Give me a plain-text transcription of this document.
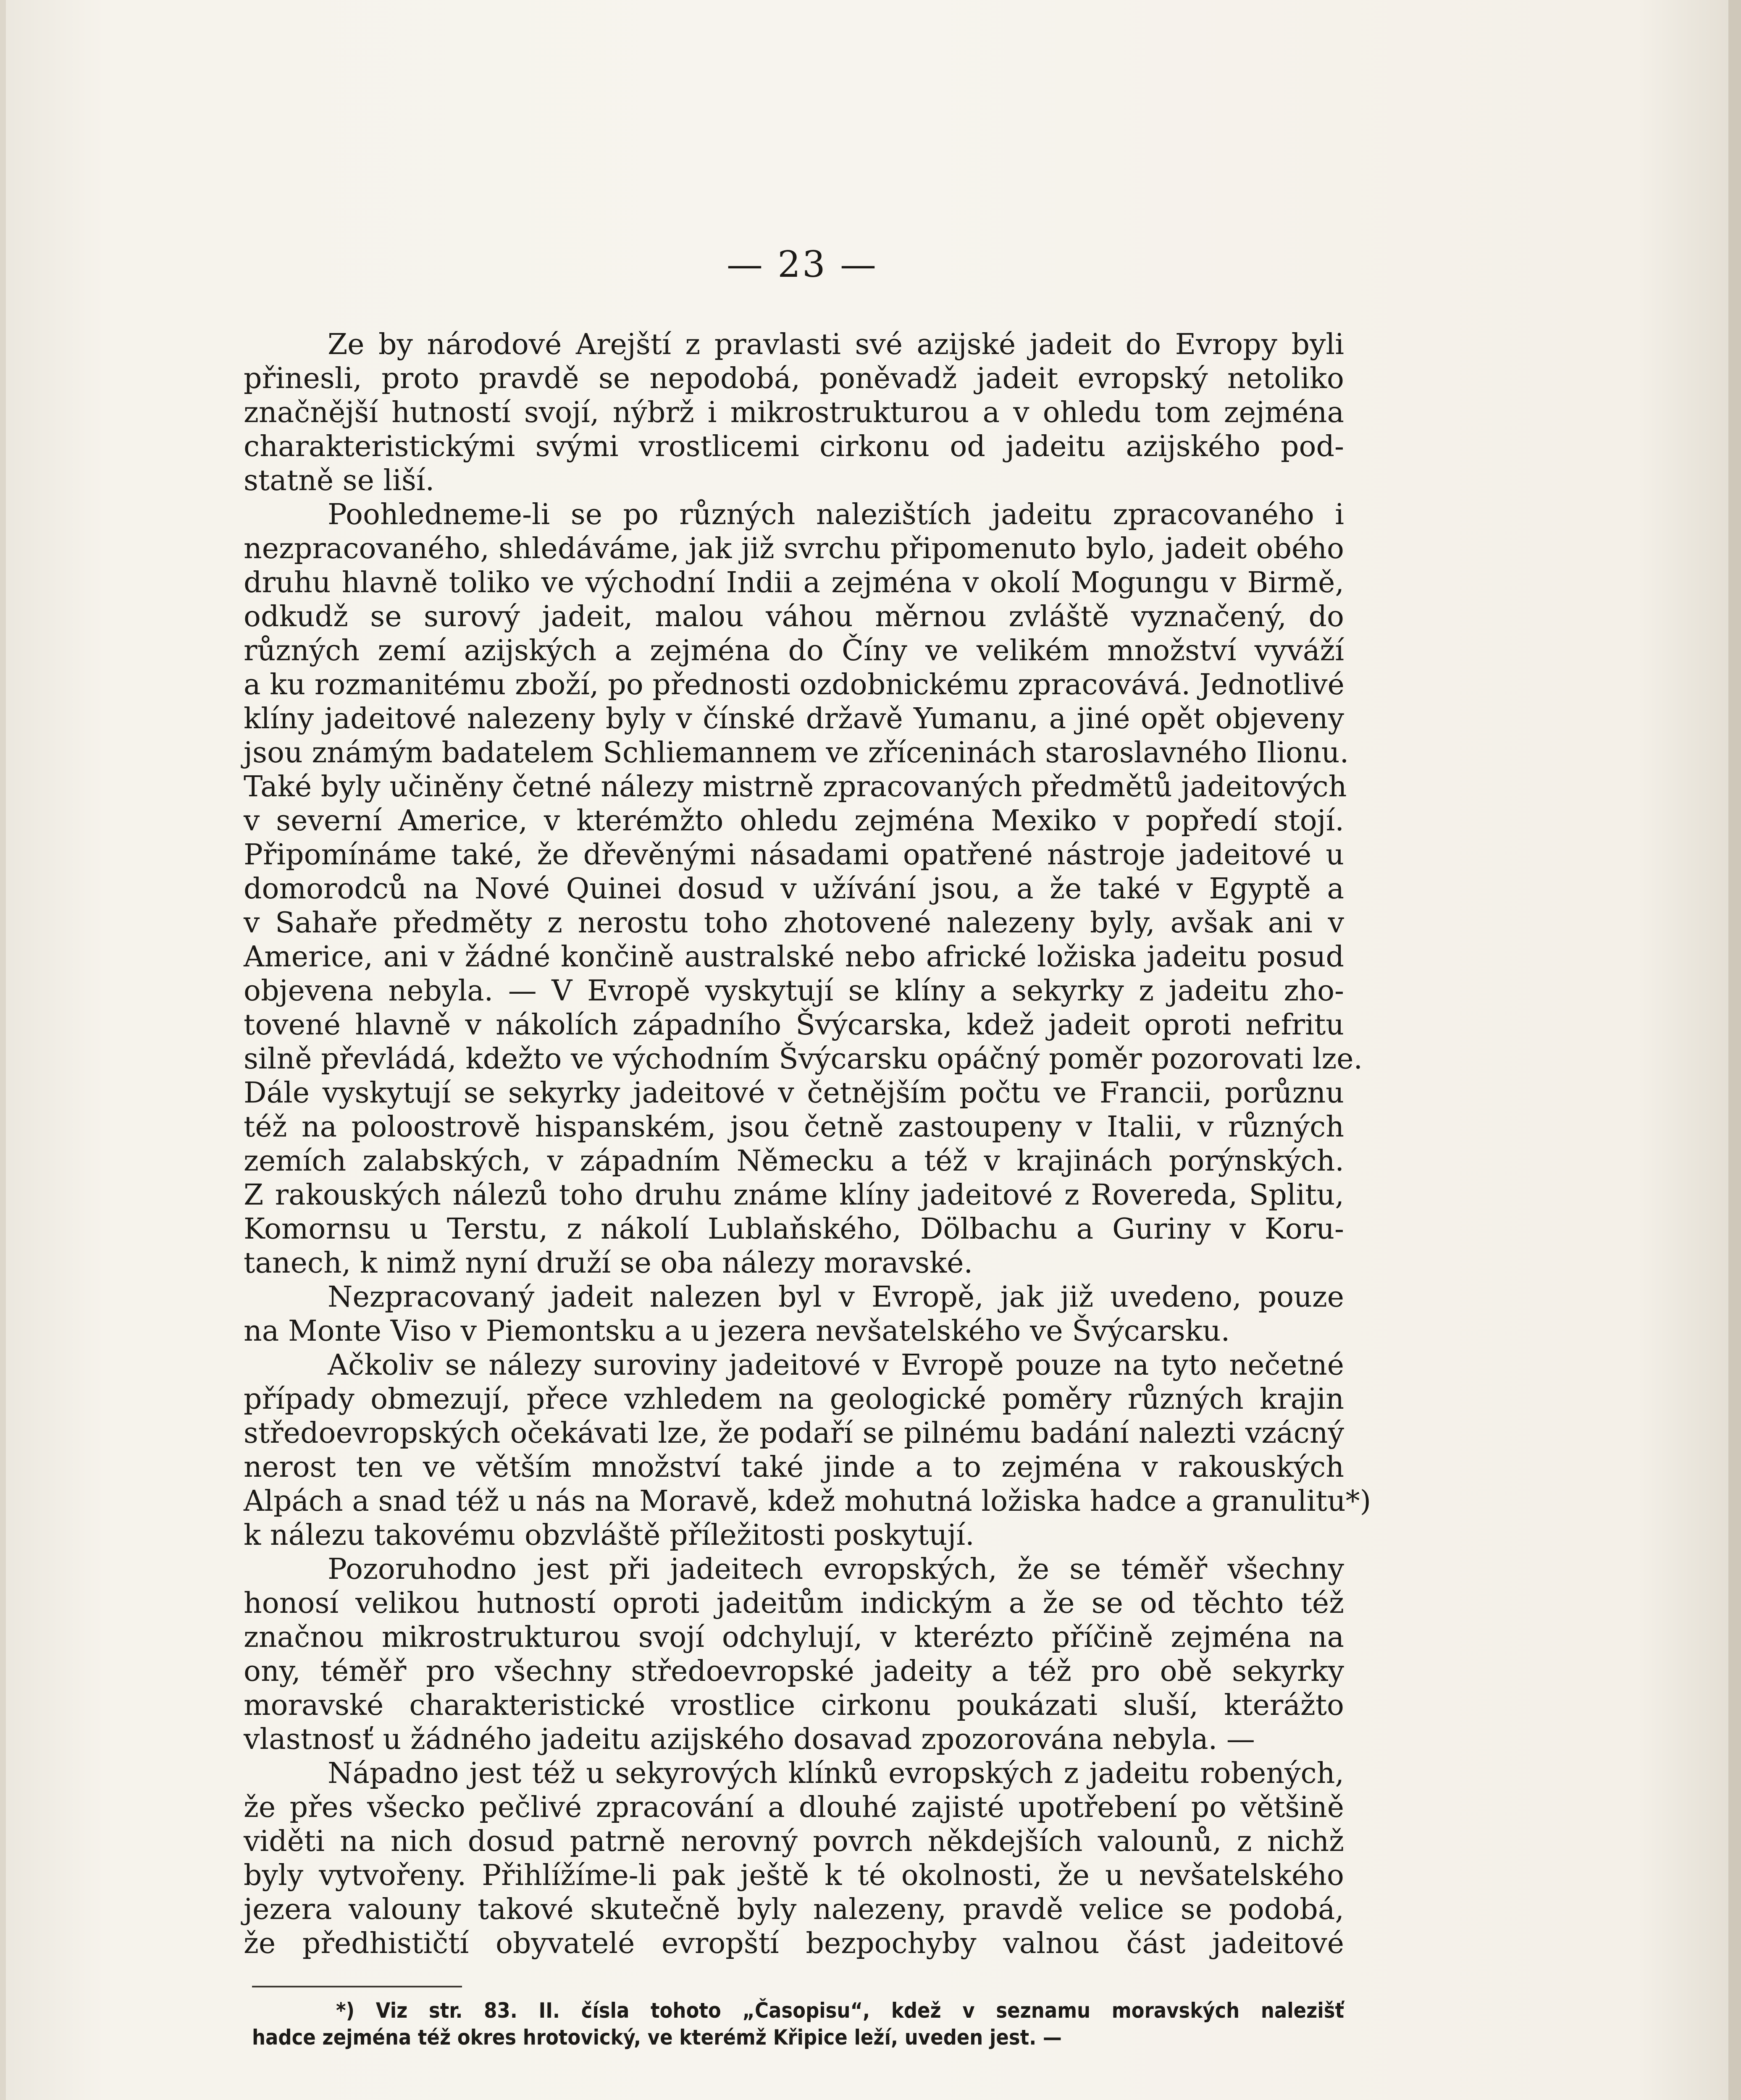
— 23 —
Ze by národové Arejští z pravlasti své azijské jadeit do Evropy byli
přinesli, proto pravdě se nepodobá, poněvadž jadeit evropský netoliko
značnější hutností svojí, nýbrž i mikrostrukturou a v ohledu tom zejména
charakteristickými svými vrostlicemi cirkonu od jadeitu azijského pod-
statně se liší.
Poohledneme-li se po různých nalezištích jadeitu zpracovaného i
nezpracovaného, shledáváme, jak již svrchu připomenuto bylo, jadeit obého
druhu hlavně toliko ve východní Indii a zejména v okolí Mogungu v Birmě,
odkudž se surový jadeit, malou váhou měrnou zvláště vyznačený, do
různých zemí azijských a zejména do Číny ve velikém množství vyváží
a ku rozmanitému zboží, po přednosti ozdobnickému zpracovává. Jednotlivé
klíny jadeitové nalezeny byly v čínské državě Yumanu, a jiné opět objeveny
jsou známým badatelem Schliemannem ve zříceninách staroslavného Ilionu.
Také byly učiněny četné nálezy mistrně zpracovaných předmětů jadeitových
v severní Americe, v kterémžto ohledu zejména Mexiko v popředí stojí.
Připomínáme také, že dřevěnými násadami opatřené nástroje jadeitové u
domorodců na Nové Quinei dosud v užívání jsou, a že také v Egyptě a
v Sahaře předměty z nerostu toho zhotovené nalezeny byly, avšak ani v
Americe, ani v žádné končině australské nebo africké ložiska jadeitu posud
objevena nebyla. — V Evropě vyskytují se klíny a sekyrky z jadeitu zho-
tovené hlavně v nákolích západního Švýcarska, kdež jadeit oproti nefritu
silně převládá, kdežto ve východním Švýcarsku opáčný poměr pozorovati lze.
Dále vyskytují se sekyrky jadeitové v četnějším počtu ve Francii, porůznu
též na poloostrově hispanském, jsou četně zastoupeny v Italii, v různých
zemích zalabských, v západním Německu a též v krajinách porýnských.
Z rakouských nálezů toho druhu známe klíny jadeitové z Rovereda, Splitu,
Komornsu u Terstu, z nákolí Lublaňského, Dölbachu a Guriny v Koru-
tanech, k nimž nyní druží se oba nálezy moravské.
Nezpracovaný jadeit nalezen byl v Evropě, jak již uvedeno, pouze
na Monte Viso v Piemontsku a u jezera nevšatelského ve Švýcarsku.
Ačkoliv se nálezy suroviny jadeitové v Evropě pouze na tyto nečetné
případy obmezují, přece vzhledem na geologické poměry různých krajin
středoevropských očekávati lze, že podaří se pilnému badání nalezti vzácný
nerost ten ve větším množství také jinde a to zejména v rakouských
Alpách a snad též u nás na Moravě, kdež mohutná ložiska hadce a granulitu*)
k nálezu takovému obzvláště příležitosti poskytují.
Pozoruhodno jest při jadeitech evropských, že se téměř všechny
honosí velikou hutností oproti jadeitům indickým a že se od těchto též
značnou mikrostrukturou svojí odchylují, v kterézto příčině zejména na
ony, téměř pro všechny středoevropské jadeity a též pro obě sekyrky
moravské charakteristické vrostlice cirkonu poukázati sluší, kterážto
vlastnosť u žádného jadeitu azijského dosavad zpozorována nebyla. —
Nápadno jest též u sekyrových klínků evropských z jadeitu robených,
že přes všecko pečlivé zpracování a dlouhé zajisté upotřebení po většině
viděti na nich dosud patrně nerovný povrch někdejších valounů, z nichž
byly vytvořeny. Přihlížíme-li pak ještě k té okolnosti, že u nevšatelského
jezera valouny takové skutečně byly nalezeny, pravdě velice se podobá,
že předhističtí obyvatelé evropští bezpochyby valnou část jadeitové
*) Viz str. 83. II. čísla tohoto „Časopisu“, kdež v seznamu moravských nalezišť
hadce zejména též okres hrotovický, ve kterémž Křipice leží, uveden jest. —
